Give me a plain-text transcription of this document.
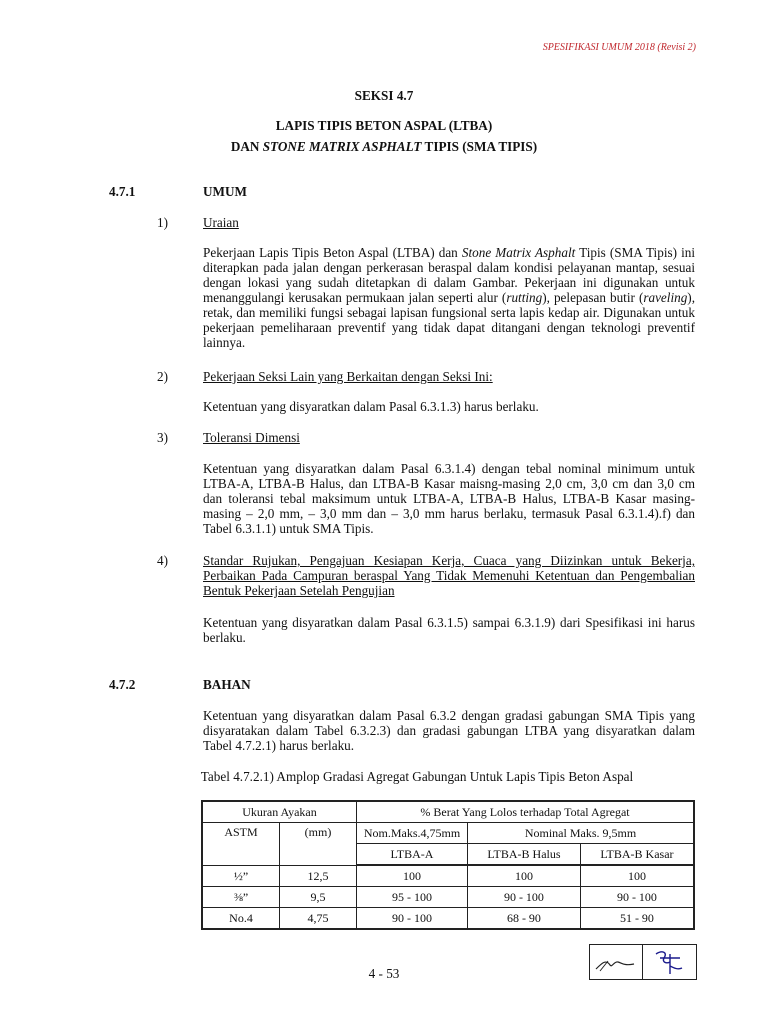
SPESIFIKASI UMUM 2018 (Revisi 2)
SEKSI 4.7
LAPIS TIPIS BETON ASPAL (LTBA)
DAN STONE MATRIX ASPHALT TIPIS (SMA TIPIS)
4.7.1	UMUM
1)	Uraian
Pekerjaan Lapis Tipis Beton Aspal (LTBA) dan Stone Matrix Asphalt Tipis (SMA Tipis) ini diterapkan pada jalan dengan perkerasan beraspal dalam kondisi pelayanan mantap, sesuai dengan lokasi yang sudah ditetapkan di dalam Gambar. Pekerjaan ini digunakan untuk menanggulangi kerusakan permukaan jalan seperti alur (rutting), pelepasan butir (raveling), retak, dan memiliki fungsi sebagai lapisan fungsional serta lapis kedap air. Digunakan untuk pekerjaan pemeliharaan preventif yang tidak dapat ditangani dengan teknologi preventif lainnya.
2)	Pekerjaan Seksi Lain yang Berkaitan dengan Seksi Ini:
Ketentuan yang disyaratkan dalam Pasal 6.3.1.3) harus berlaku.
3)	Toleransi Dimensi
Ketentuan yang disyaratkan dalam Pasal 6.3.1.4) dengan tebal nominal minimum untuk LTBA-A, LTBA-B Halus, dan LTBA-B Kasar maisng-masing 2,0 cm, 3,0 cm dan 3,0 cm dan toleransi tebal maksimum untuk LTBA-A, LTBA-B Halus, LTBA-B Kasar masing-masing – 2,0 mm, – 3,0 mm dan – 3,0 mm harus berlaku, termasuk Pasal 6.3.1.4).f) dan Tabel 6.3.1.1) untuk SMA Tipis.
4)	Standar Rujukan, Pengajuan Kesiapan Kerja, Cuaca yang Diizinkan untuk Bekerja, Perbaikan Pada Campuran beraspal Yang Tidak Memenuhi Ketentuan dan Pengembalian Bentuk Pekerjaan Setelah Pengujian
Ketentuan yang disyaratkan dalam Pasal 6.3.1.5) sampai 6.3.1.9) dari Spesifikasi ini harus berlaku.
4.7.2	BAHAN
Ketentuan yang disyaratkan dalam Pasal 6.3.2 dengan gradasi gabungan SMA Tipis yang disyaratakan dalam Tabel 6.3.2.3) dan gradasi gabungan LTBA yang disyaratkan dalam Tabel 4.7.2.1) harus berlaku.
Tabel 4.7.2.1) Amplop Gradasi Agregat Gabungan Untuk Lapis Tipis Beton Aspal
Ukuran Ayakan		% Berat Yang Lolos terhadap Total Agregat		
ASTM	(mm)	Nom.Maks.4,75mm	Nominal Maks. 9,5mm	
		LTBA-A	LTBA-B Halus	LTBA-B Kasar
½”	12,5	100	100	100
⅜”	9,5	95 - 100	90 - 100	90 - 100
No.4	4,75	90 - 100	68 - 90	51 - 90
4 - 53
